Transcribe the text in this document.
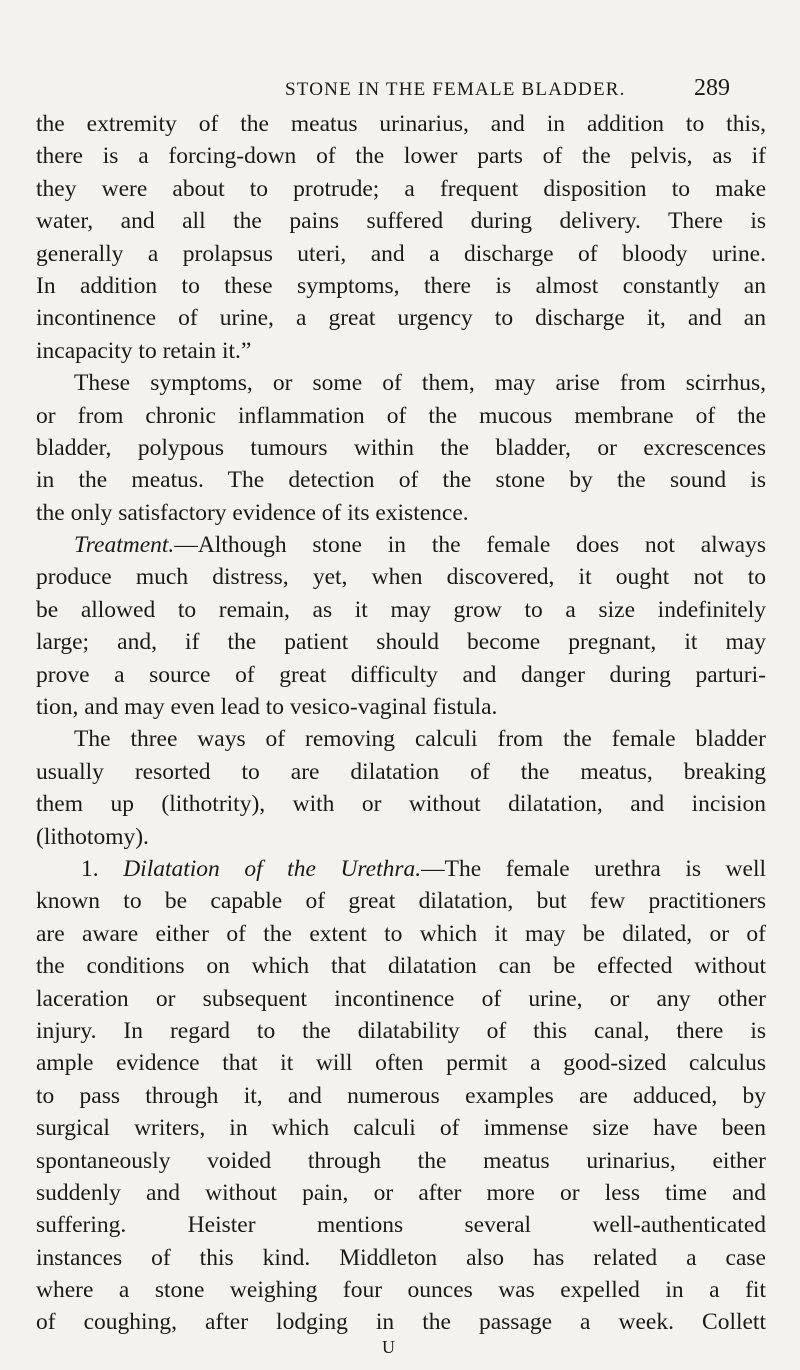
STONE IN THE FEMALE BLADDER.	289
the extremity of the meatus urinarius, and in addition to this,
there is a forcing-down of the lower parts of the pelvis, as if
they were about to protrude; a frequent disposition to make
water, and all the pains suffered during delivery. There is
generally a prolapsus uteri, and a discharge of bloody urine.
In addition to these symptoms, there is almost constantly an
incontinence of urine, a great urgency to discharge it, and an
incapacity to retain it.”
These symptoms, or some of them, may arise from scirrhus,
or from chronic inflammation of the mucous membrane of the
bladder, polypous tumours within the bladder, or excrescences
in the meatus. The detection of the stone by the sound is
the only satisfactory evidence of its existence.
Treatment.—Although stone in the female does not always
produce much distress, yet, when discovered, it ought not to
be allowed to remain, as it may grow to a size indefinitely
large; and, if the patient should become pregnant, it may
prove a source of great difficulty and danger during parturi-
tion, and may even lead to vesico-vaginal fistula.
The three ways of removing calculi from the female bladder
usually resorted to are dilatation of the meatus, breaking
them up (lithotrity), with or without dilatation, and incision
(lithotomy).
1. Dilatation of the Urethra.—The female urethra is well
known to be capable of great dilatation, but few practitioners
are aware either of the extent to which it may be dilated, or of
the conditions on which that dilatation can be effected without
laceration or subsequent incontinence of urine, or any other
injury. In regard to the dilatability of this canal, there is
ample evidence that it will often permit a good-sized calculus
to pass through it, and numerous examples are adduced, by
surgical writers, in which calculi of immense size have been
spontaneously voided through the meatus urinarius, either
suddenly and without pain, or after more or less time and
suffering. Heister mentions several well-authenticated
instances of this kind. Middleton also has related a case
where a stone weighing four ounces was expelled in a fit
of coughing, after lodging in the passage a week. Collett
U
